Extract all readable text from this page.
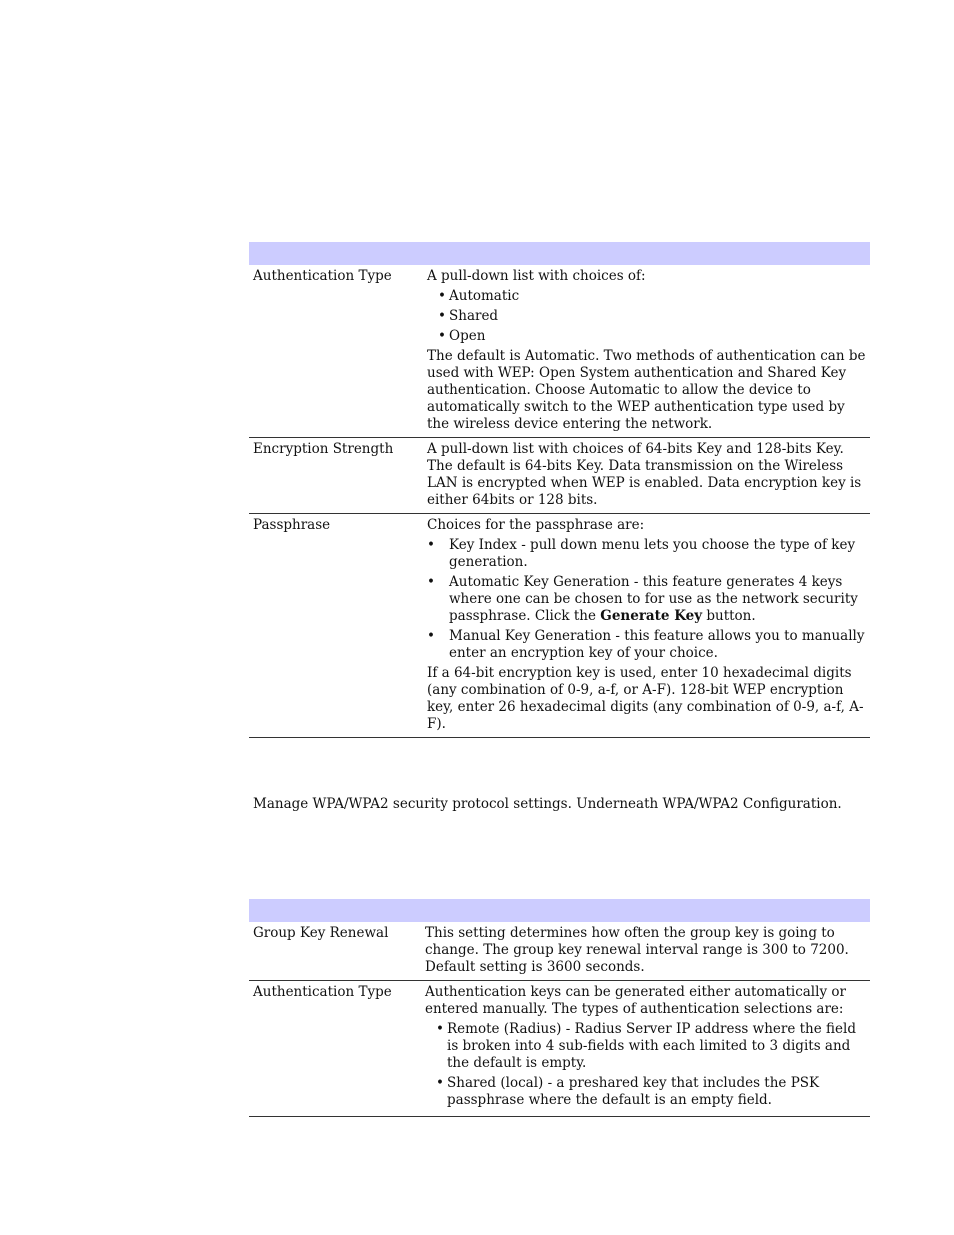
Authentication Type	A pull-down list with choices of:

• Automatic
• Shared
• Open

The default is Automatic. Two methods of authentication can be used with WEP: Open System authentication and Shared Key authentication. Choose Automatic to allow the device to automatically switch to the WEP authentication type used by the wireless device entering the network.

Encryption Strength	A pull-down list with choices of 64-bits Key and 128-bits Key. The default is 64-bits Key. Data transmission on the Wireless LAN is encrypted when WEP is enabled. Data encryption key is either 64bits or 128 bits.
Passphrase	Choices for the passphrase are:

• Key Index - pull down menu lets you choose the type of key generation.
• Automatic Key Generation - this feature generates 4 keys where one can be chosen to for use as the network security passphrase. Click the Generate Key button.
• Manual Key Generation - this feature allows you to manually enter an encryption key of your choice.

If a 64-bit encryption key is used, enter 10 hexadecimal digits (any combination of 0-9, a-f, or A-F). 128-bit WEP encryption key, enter 26 hexadecimal digits (any combination of 0-9, a-f, A-F).

Manage WPA/WPA2 security protocol settings. Underneath WPA/WPA2 Configuration.
Group Key Renewal	This setting determines how often the group key is going to change. The group key renewal interval range is 300 to 7200. Default setting is 3600 seconds.
Authentication Type	Authentication keys can be generated either automatically or entered manually. The types of authentication selections are:

• Remote (Radius) - Radius Server IP address where the field is broken into 4 sub-fields with each limited to 3 digits and the default is empty.
• Shared (local) - a preshared key that includes the PSK passphrase where the default is an empty field.
